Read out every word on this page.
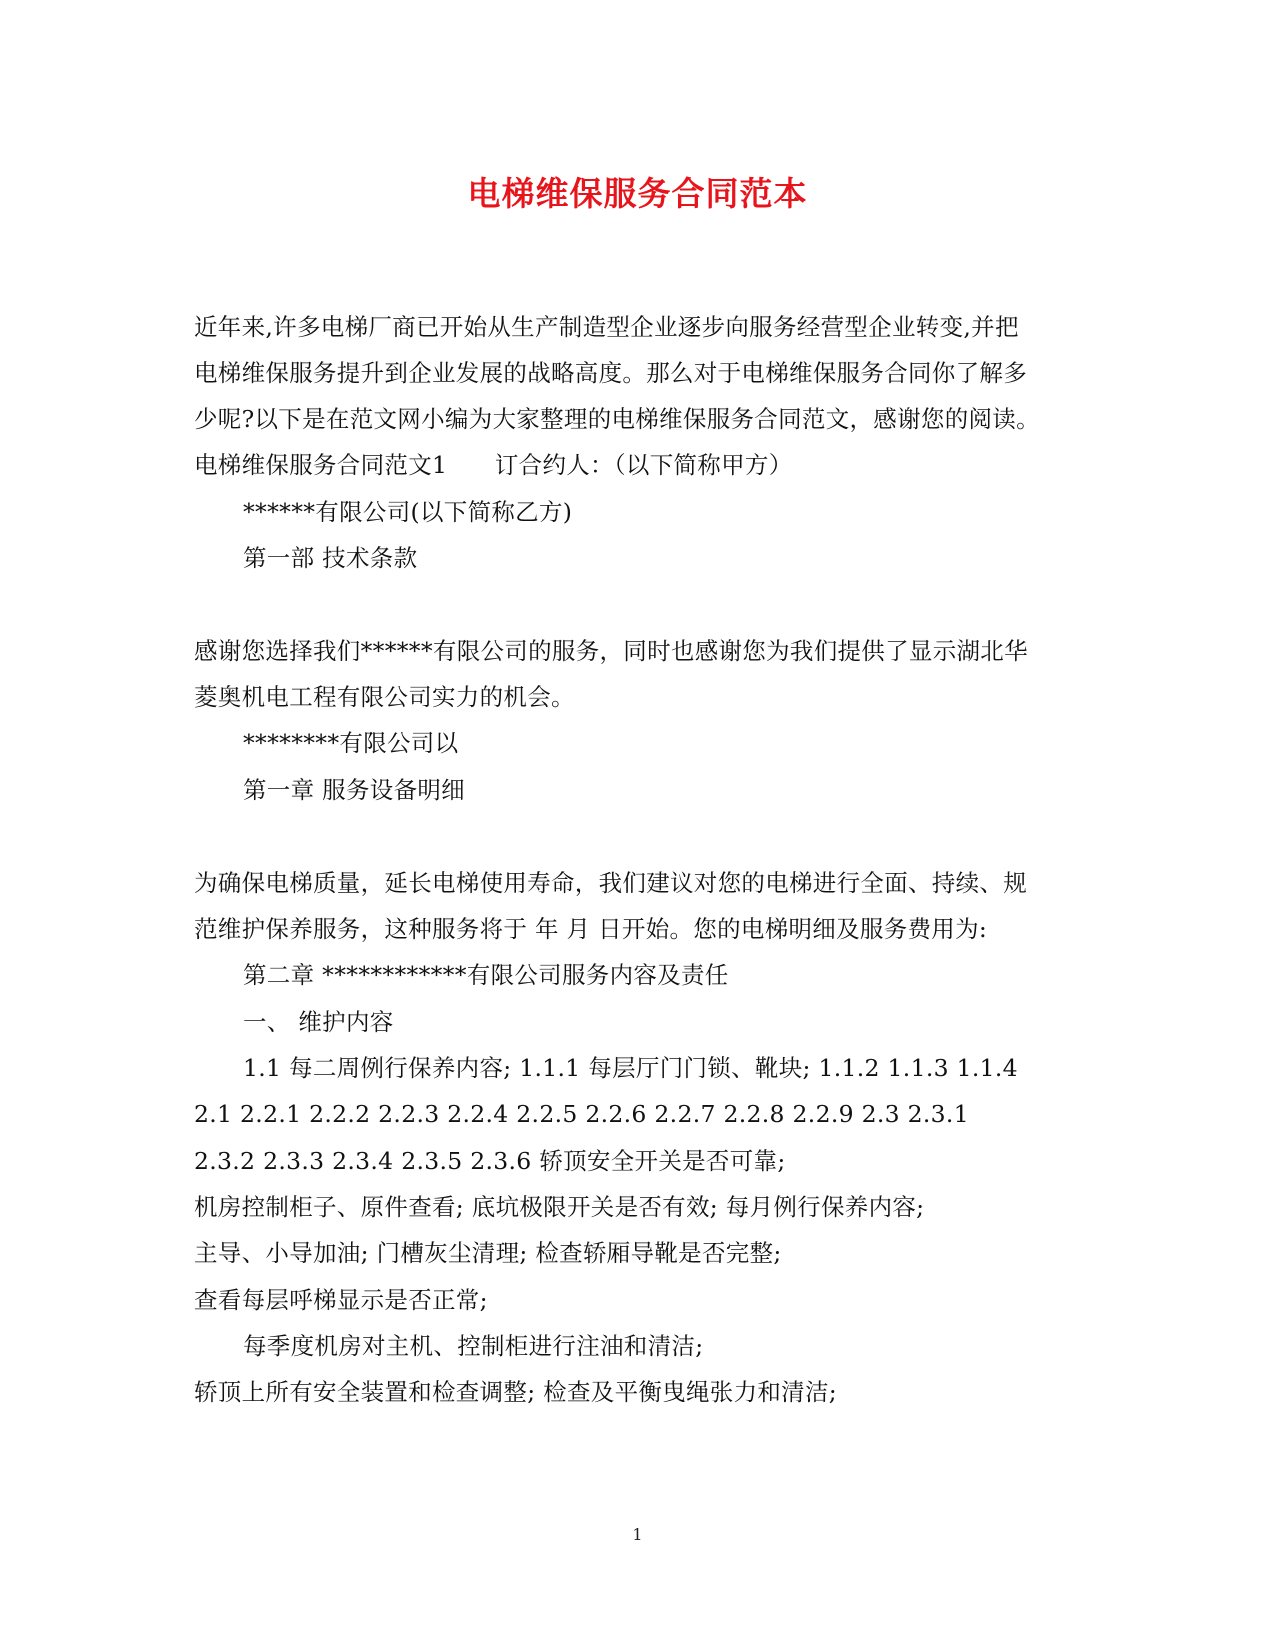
电梯维保服务合同范本
近年来,许多电梯厂商已开始从生产制造型企业逐步向服务经营型企业转变,并把
电梯维保服务提升到企业发展的战略高度。那么对于电梯维保服务合同你了解多
少呢?以下是在范文网小编为大家整理的电梯维保服务合同范文，感谢您的阅读。
电梯维保服务合同范文1　　订合约人：（以下简称甲方）
******有限公司(以下简称乙方)
第一部 技术条款
感谢您选择我们******有限公司的服务，同时也感谢您为我们提供了显示湖北华
菱奥机电工程有限公司实力的机会。
********有限公司以
第一章 服务设备明细
为确保电梯质量，延长电梯使用寿命，我们建议对您的电梯进行全面、持续、规
范维护保养服务，这种服务将于 年 月 日开始。您的电梯明细及服务费用为:
第二章 ************有限公司服务内容及责任
一、 维护内容
1.1 每二周例行保养内容; 1.1.1 每层厅门门锁、靴块; 1.1.2 1.1.3 1.1.4
2.1 2.2.1 2.2.2 2.2.3 2.2.4 2.2.5 2.2.6 2.2.7 2.2.8 2.2.9 2.3 2.3.1
2.3.2 2.3.3 2.3.4 2.3.5 2.3.6 轿顶安全开关是否可靠;
机房控制柜子、原件查看; 底坑极限开关是否有效; 每月例行保养内容;
主导、小导加油; 门槽灰尘清理; 检查轿厢导靴是否完整;
查看每层呼梯显示是否正常;
每季度机房对主机、控制柜进行注油和清洁;
轿顶上所有安全装置和检查调整; 检查及平衡曳绳张力和清洁;
1
